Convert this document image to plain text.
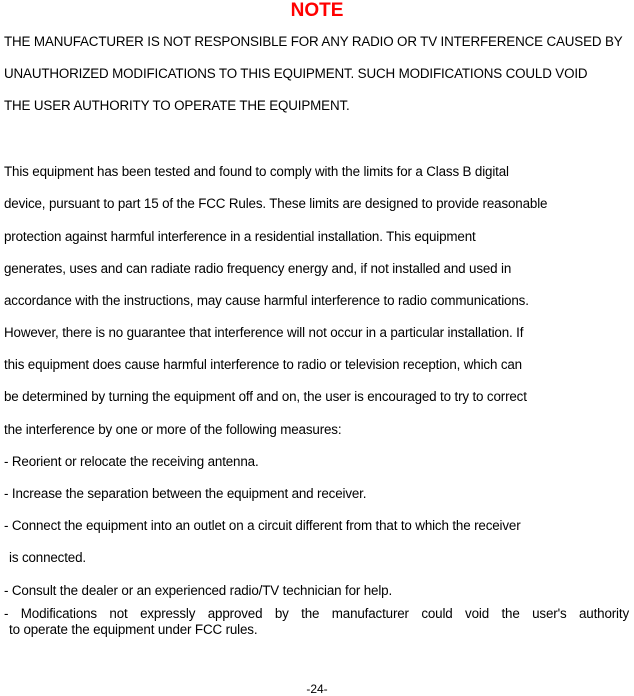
NOTE
THE MANUFACTURER IS NOT RESPONSIBLE FOR ANY RADIO OR TV INTERFERENCE CAUSED BY
UNAUTHORIZED MODIFICATIONS TO THIS EQUIPMENT. SUCH MODIFICATIONS COULD VOID
THE USER AUTHORITY TO OPERATE THE EQUIPMENT.
This equipment has been tested and found to comply with the limits for a Class B digital
device, pursuant to part 15 of the FCC Rules. These limits are designed to provide reasonable
protection against harmful interference in a residential installation. This equipment
generates, uses and can radiate radio frequency energy and, if not installed and used in
accordance with the instructions, may cause harmful interference to radio communications.
However, there is no guarantee that interference will not occur in a particular installation. If
this equipment does cause harmful interference to radio or television reception, which can
be determined by turning the equipment off and on, the user is encouraged to try to correct
the interference by one or more of the following measures:
- Reorient or relocate the receiving antenna.
- Increase the separation between the equipment and receiver.
- Connect the equipment into an outlet on a circuit different from that to which the receiver
is connected.
- Consult the dealer or an experienced radio/TV technician for help.
- Modifications not expressly approved by the manufacturer could void the user's authority
to operate the equipment under FCC rules.
-24-
